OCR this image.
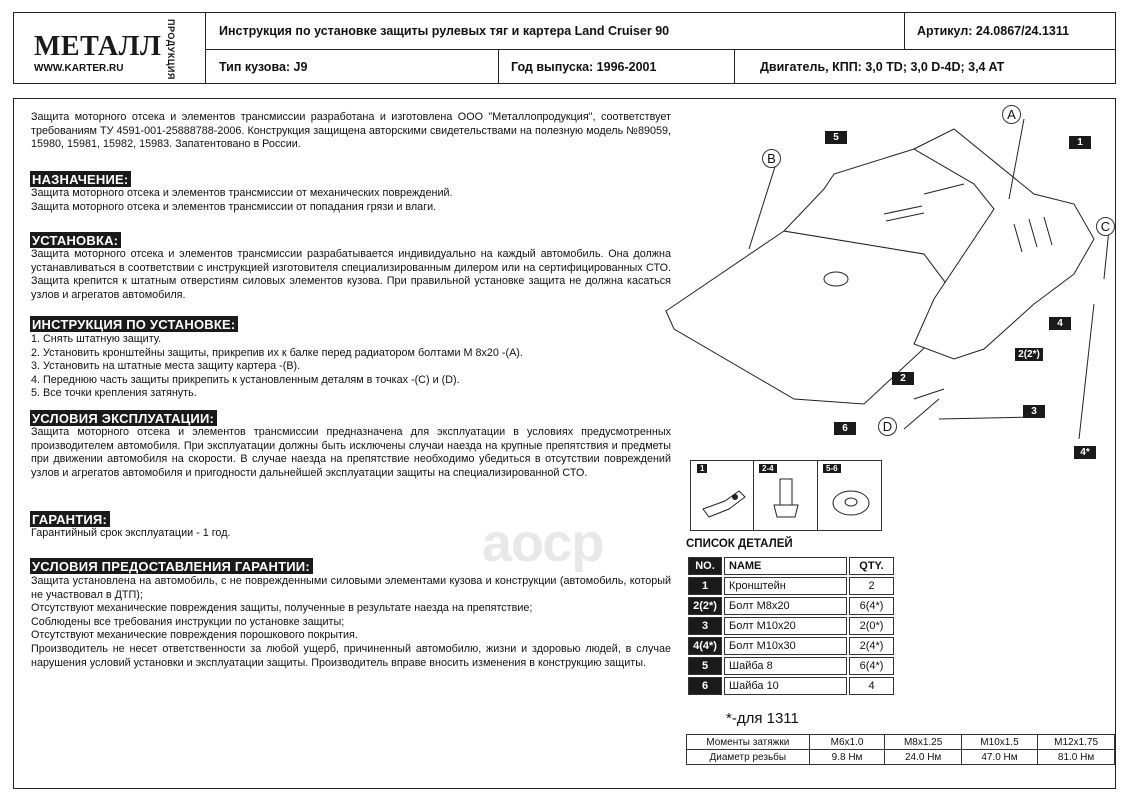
МЕТАЛЛ ПРОДУКЦИЯ
WWW.KARTER.RU
Инструкция по установке защиты рулевых тяг и картера Land Cruiser 90	Артикул: 24.0867/24.1311
Тип кузова: J9	Год выпуска: 1996-2001	Двигатель, КПП: 3,0 TD; 3,0 D-4D; 3,4 AT
Защита моторного отсека и элементов трансмиссии разработана и изготовлена ООО "Металлопродукция", соответствует требованиям ТУ 4591-001-25888788-2006. Конструкция защищена авторскими свидетельствами на полезную модель №89059, 15980, 15981, 15982, 15983. Запатентовано в России.
НАЗНАЧЕНИЕ:
Защита моторного отсека и элементов трансмиссии от механических повреждений.
Защита моторного отсека и элементов трансмиссии от попадания грязи и влаги.
УСТАНОВКА:
Защита моторного отсека и элементов трансмиссии разрабатывается индивидуально на каждый автомобиль. Она должна устанавливаться в соответствии с инструкцией изготовителя специализированным дилером или на сертифицированных СТО. Защита крепится к штатным отверстиям силовых элементов кузова. При правильной установке защита не должна касаться узлов и агрегатов автомобиля.
ИНСТРУКЦИЯ ПО УСТАНОВКЕ:
1. Снять штатную защиту.
2. Установить кронштейны защиты, прикрепив их к балке перед радиатором болтами М 8х20 -(А).
3. Установить на штатные места защиту картера -(В).
4. Переднюю часть защиты прикрепить к установленным деталям в точках -(С) и (D).
5. Все точки крепления затянуть.
УСЛОВИЯ ЭКСПЛУАТАЦИИ:
Защита моторного отсека и элементов трансмиссии предназначена для эксплуатации в условиях предусмотренных производителем автомобиля. При эксплуатации должны быть исключены случаи наезда на крупные препятствия и предметы при движении автомобиля на скорости. В случае наезда на препятствие необходимо убедиться в отсутствии повреждений узлов и агрегатов автомобиля и пригодности дальнейшей эксплуатации защиты на специализированной СТО.
ГАРАНТИЯ:
Гарантийный срок эксплуатации - 1 год.
УСЛОВИЯ ПРЕДОСТАВЛЕНИЯ ГАРАНТИИ:
Защита установлена на автомобиль, с не поврежденными силовыми элементами кузова и конструкции (автомобиль, который не участвовал в ДТП);
Отсутствуют механические повреждения защиты, полученные в результате наезда на препятствие;
Соблюдены все требования инструкции по установке защиты;
Отсутствуют механические повреждения порошкового покрытия.
Производитель не несет ответственности за любой ущерб, причиненный автомобилю, жизни и здоровью людей, в случае нарушения условий установки и эксплуатации защиты. Производитель вправе вносить изменения в конструкцию защиты.
A
B
C
D
5	1
4
2(2*)
2
3
6
4*
1	2-4	5-6
СПИСОК ДЕТАЛЕЙ
NO.	NAME	QTY.
1	Кронштейн	2
2(2*)	Болт М8х20	6(4*)
3	Болт М10х20	2(0*)
4(4*)	Болт М10х30	2(4*)
5	Шайба 8	6(4*)
6	Шайба 10	4
*-для 1311
Моменты затяжки	M6x1.0	M8x1.25	M10x1.5	M12x1.75
Диаметр резьбы	9.8 Нм	24.0 Нм	47.0 Нм	81.0 Нм
аоср
